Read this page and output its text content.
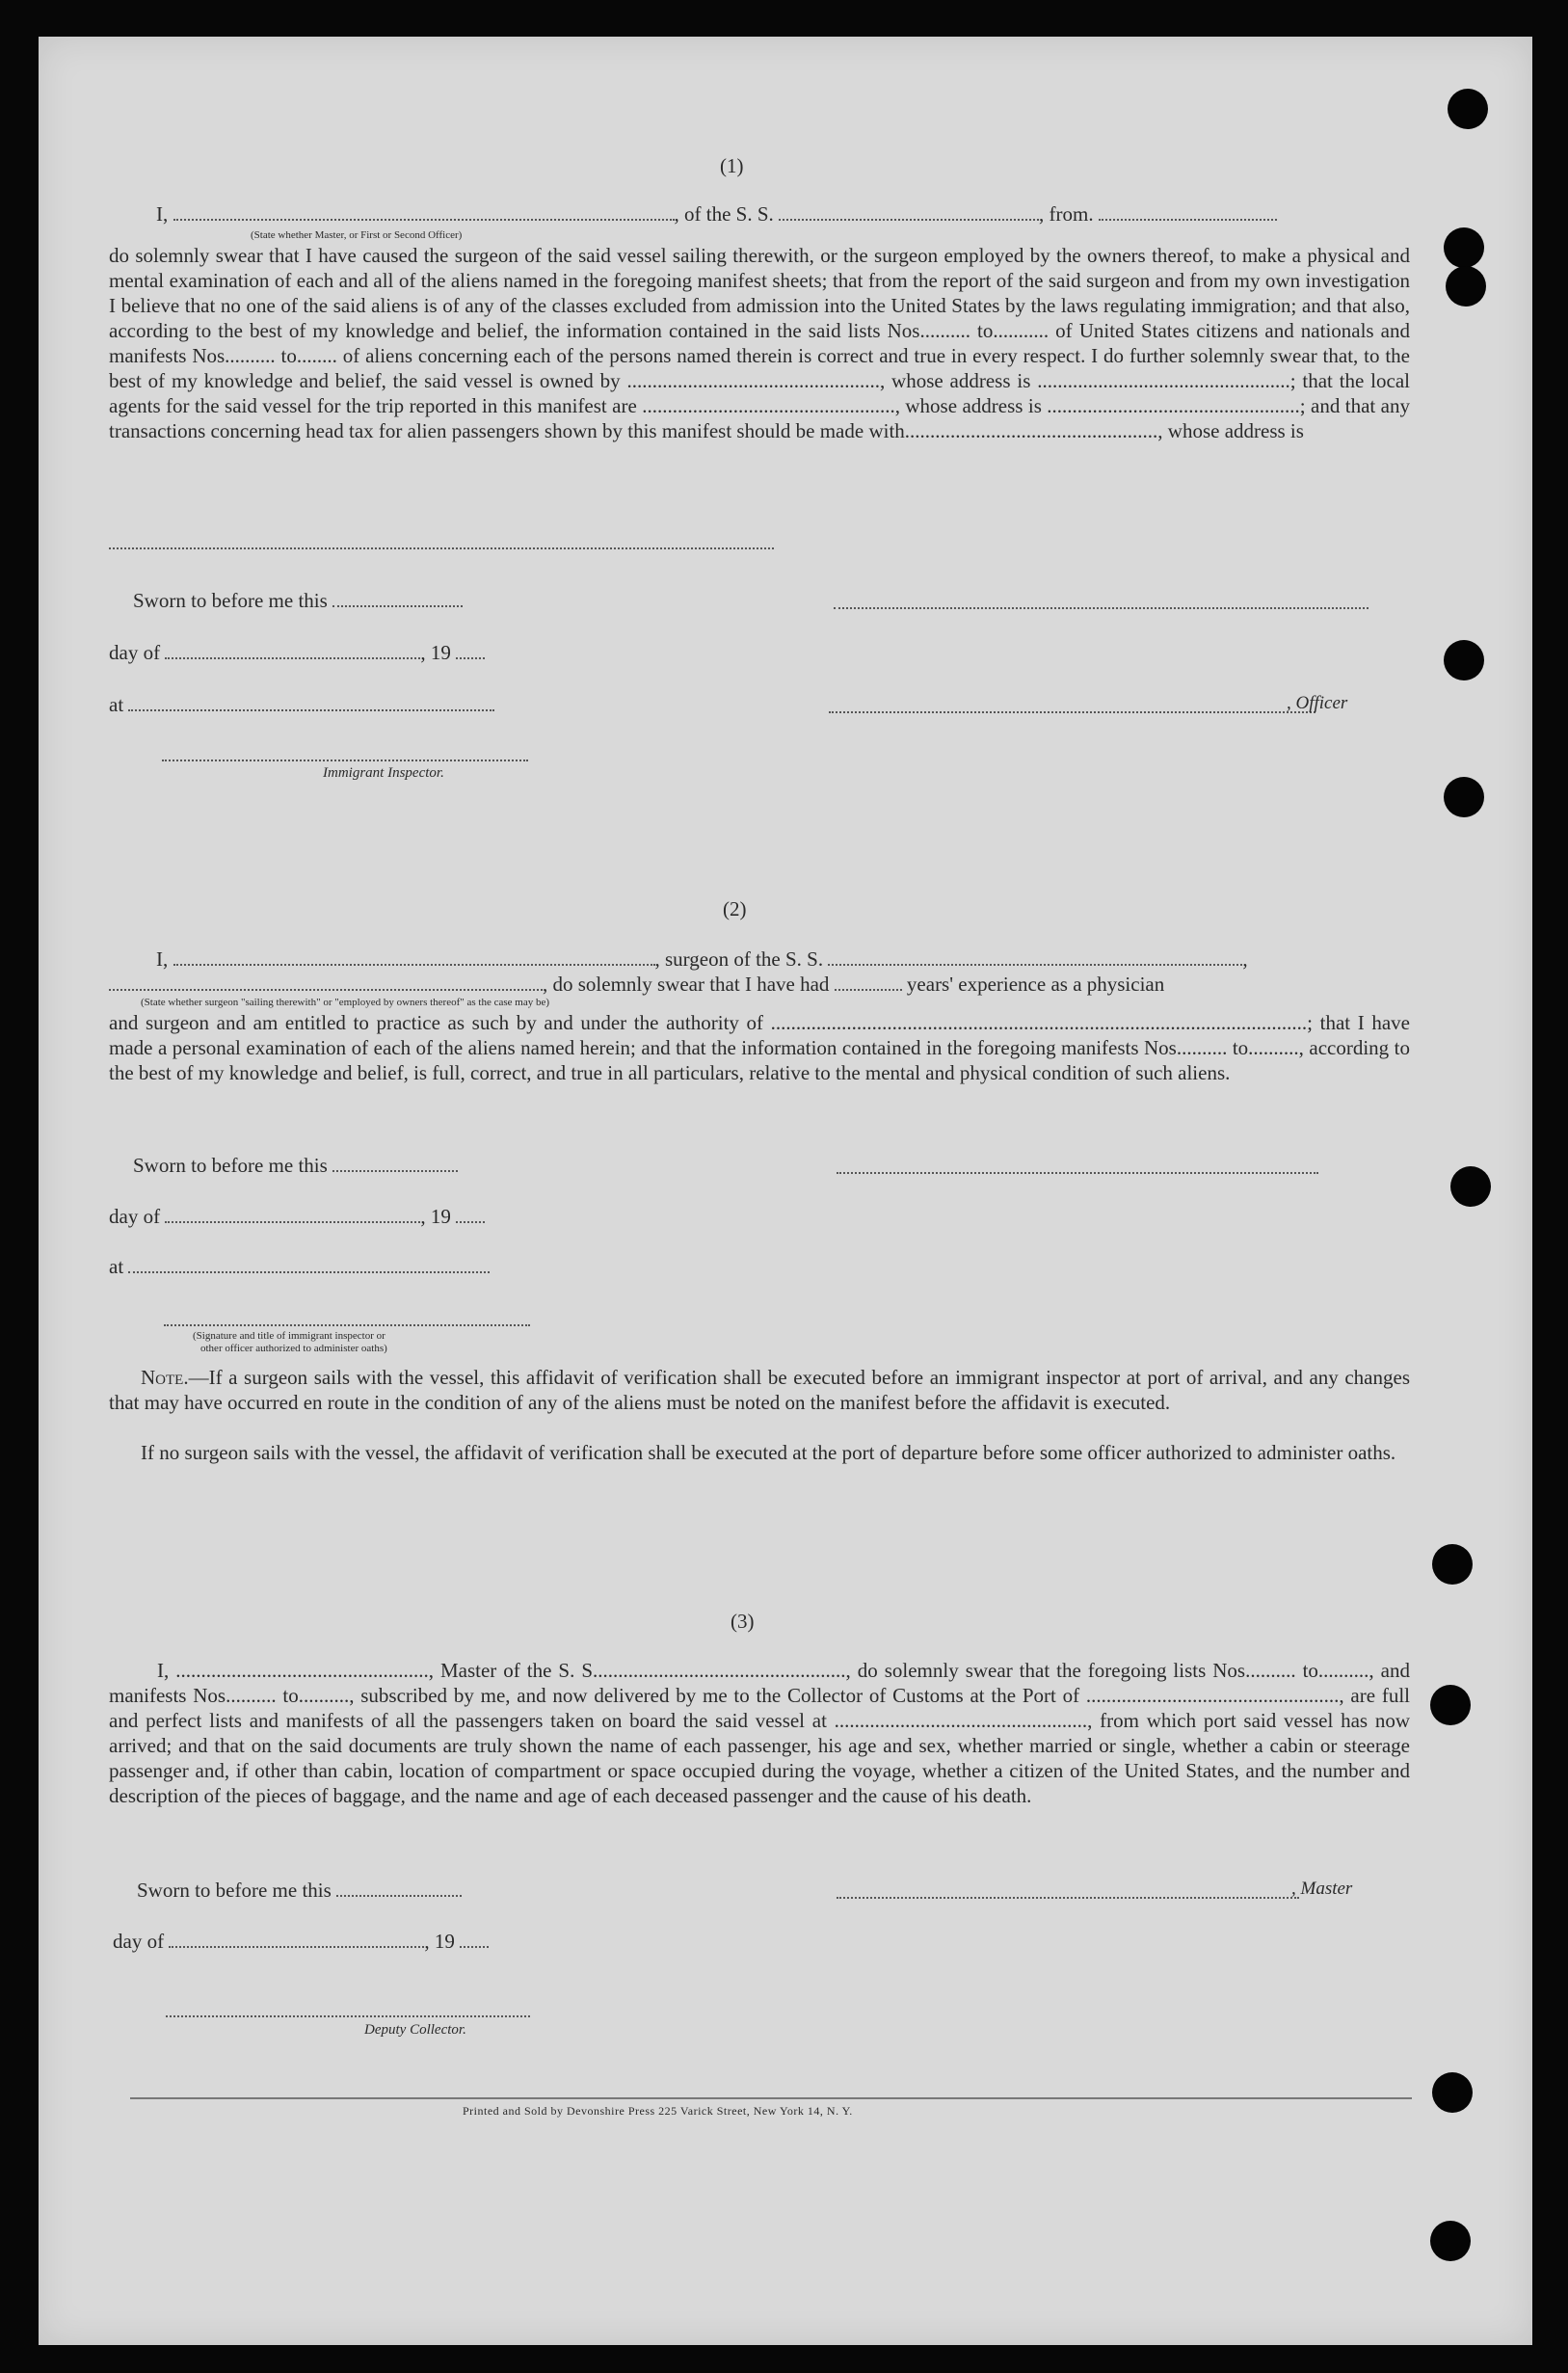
(1)
I,	, of the S. S.	, from.
(State whether Master, or First or Second Officer)

do solemnly swear that I have caused the surgeon of the said vessel sailing therewith, or the surgeon employed by the owners thereof, to make a physical and mental examination of each and all of the aliens named in the foregoing manifest sheets; that from the report of the said surgeon and from my own investigation I believe that no one of the said aliens is of any of the classes excluded from admission into the United States by the laws regulating immigration; and that also, according to the best of my knowledge and belief, the information contained in the said lists Nos.......... to........... of United States citizens and nationals and manifests Nos.......... to........ of aliens concerning each of the persons named therein is correct and true in every respect. I do further solemnly swear that, to the best of my knowledge and belief, the said vessel is owned by .................................................., whose address is ..................................................; that the local agents for the said vessel for the trip reported in this manifest are .................................................., whose address is ..................................................; and that any transactions concerning head tax for alien passengers shown by this manifest should be made with.................................................., whose address is

Sworn to before me this
day of	, 19
at	, Officer
Immigrant Inspector.
(2)
I,	, surgeon of the S. S.	,
, do solemnly swear that I have had	years' experience as a physician
(State whether surgeon "sailing therewith" or "employed by owners thereof" as the case may be)

and surgeon and am entitled to practice as such by and under the authority of ..........................................................................................................; that I have made a personal examination of each of the aliens named herein; and that the information contained in the foregoing manifests Nos.......... to.........., according to the best of my knowledge and belief, is full, correct, and true in all particulars, relative to the mental and physical condition of such aliens.

Sworn to before me this
day of	, 19
at
(Signature and title of immigrant inspector or
other officer authorized to administer oaths)

Note.—If a surgeon sails with the vessel, this affidavit of verification shall be executed before an immigrant inspector at port of arrival, and any changes that may have occurred en route in the condition of any of the aliens must be noted on the manifest before the affidavit is executed.

If no surgeon sails with the vessel, the affidavit of verification shall be executed at the port of departure before some officer authorized to administer oaths.

(3)

I, .................................................., Master of the S. S.................................................., do solemnly swear that the foregoing lists Nos.......... to.........., and manifests Nos.......... to.........., subscribed by me, and now delivered by me to the Collector of Customs at the Port of .................................................., are full and perfect lists and manifests of all the passengers taken on board the said vessel at .................................................., from which port said vessel has now arrived; and that on the said documents are truly shown the name of each passenger, his age and sex, whether married or single, whether a cabin or steerage passenger and, if other than cabin, location of compartment or space occupied during the voyage, whether a citizen of the United States, and the number and description of the pieces of baggage, and the name and age of each deceased passenger and the cause of his death.

Sworn to before me this	, Master
day of	, 19
Deputy Collector.
Printed and Sold by Devonshire Press 225 Varick Street, New York 14, N. Y.
